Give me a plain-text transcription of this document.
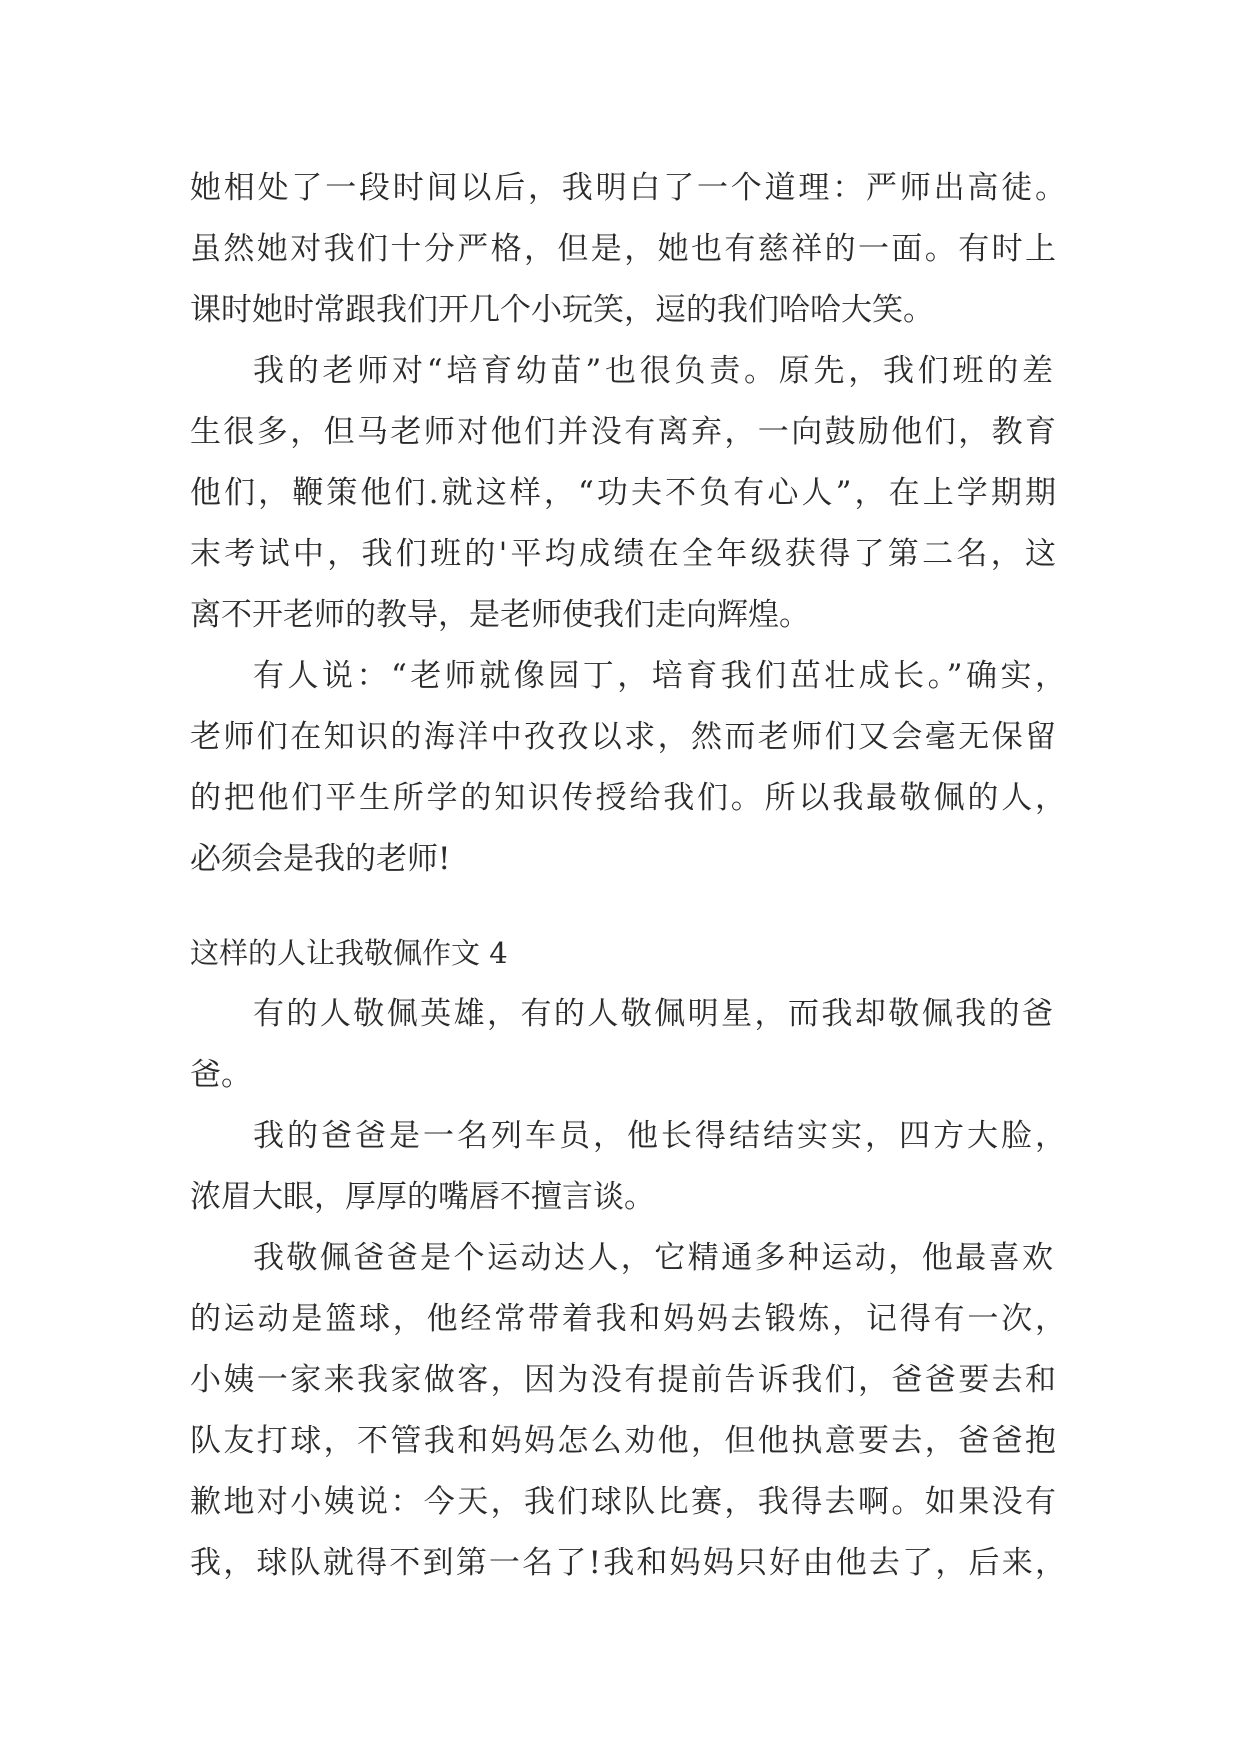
她相处了一段时间以后，我明白了一个道理：严师出高徒。

虽然她对我们十分严格，但是，她也有慈祥的一面。有时上

课时她时常跟我们开几个小玩笑，逗的我们哈哈大笑。

我的老师对“培育幼苗”也很负责。原先，我们班的差

生很多，但马老师对他们并没有离弃，一向鼓励他们，教育

他们，鞭策他们.就这样，“功夫不负有心人”，在上学期期

末考试中，我们班的'平均成绩在全年级获得了第二名，这

离不开老师的教导，是老师使我们走向辉煌。

有人说：“老师就像园丁，培育我们茁壮成长。”确实，

老师们在知识的海洋中孜孜以求，然而老师们又会毫无保留

的把他们平生所学的知识传授给我们。所以我最敬佩的人，

必须会是我的老师!

这样的人让我敬佩作文 4

有的人敬佩英雄，有的人敬佩明星，而我却敬佩我的爸

爸。

我的爸爸是一名列车员，他长得结结实实，四方大脸，

浓眉大眼，厚厚的嘴唇不擅言谈。

我敬佩爸爸是个运动达人，它精通多种运动，他最喜欢

的运动是篮球，他经常带着我和妈妈去锻炼，记得有一次，

小姨一家来我家做客，因为没有提前告诉我们，爸爸要去和

队友打球，不管我和妈妈怎么劝他，但他执意要去，爸爸抱

歉地对小姨说：今天，我们球队比赛，我得去啊。如果没有

我，球队就得不到第一名了!我和妈妈只好由他去了，后来，
